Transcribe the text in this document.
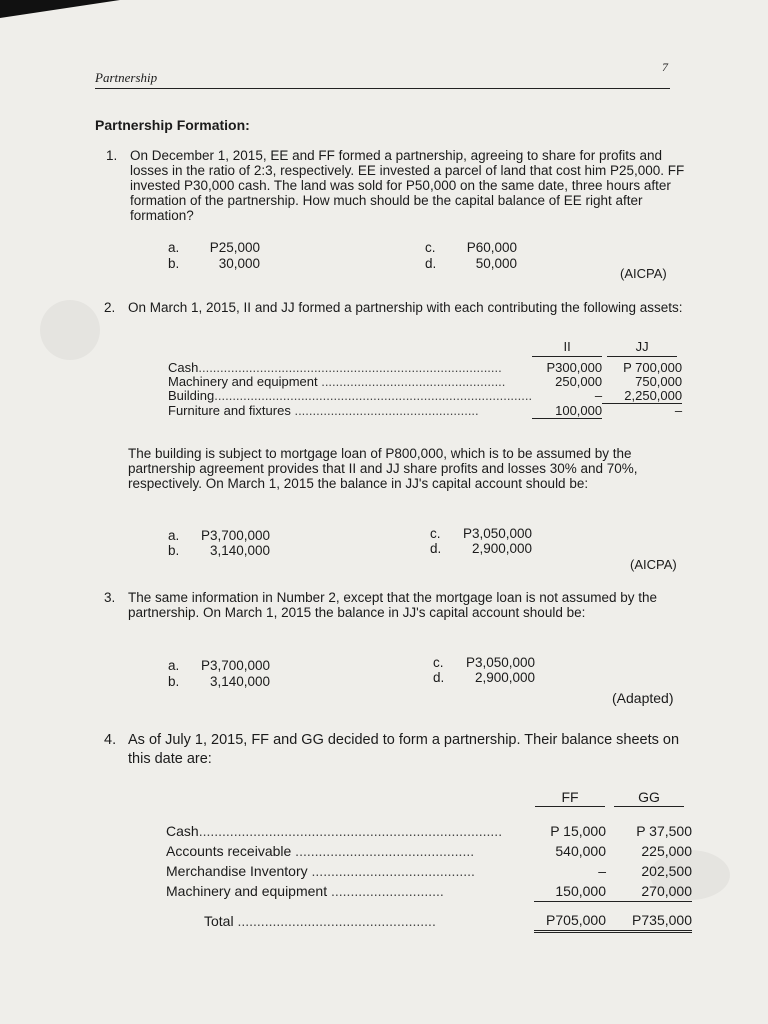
Partnership
7
Partnership Formation:
1. On December 1, 2015, EE and FF formed a partnership, agreeing to share for profits and losses in the ratio of 2:3, respectively. EE invested a parcel of land that cost him P25,000. FF invested P30,000 cash. The land was sold for P50,000 on the same date, three hours after formation of the partnership. How much should be the capital balance of EE right after formation?
a. P25,000
b.	30,000
c. P60,000
d.	50,000
(AICPA)
2. On March 1, 2015, II and JJ formed a partnership with each contributing the following assets:
	II	JJ
Cash....................................................................................	P300,000	P 700,000
Machinery and equipment ...................................................	250,000	750,000
Building........................................................................................	–	2,250,000
Furniture and fixtures ...................................................	100,000	–
The building is subject to mortgage loan of P800,000, which is to be assumed by the partnership agreement provides that II and JJ share profits and losses 30% and 70%, respectively. On March 1, 2015 the balance in JJ's capital account should be:
a. P3,700,000
b. 3,140,000
c. P3,050,000
d. 2,900,000
(AICPA)
3. The same information in Number 2, except that the mortgage loan is not assumed by the partnership. On March 1, 2015 the balance in JJ's capital account should be:
a. P3,700,000
b. 3,140,000
c. P3,050,000
d. 2,900,000
(Adapted)
4. As of July 1, 2015, FF and GG decided to form a partnership. Their balance sheets on this date are:
	FF	GG

Cash..............................................................................	P 15,000	P 37,500
Accounts receivable ..............................................	540,000	225,000
Merchandise Inventory ..........................................	–	202,500
Machinery and equipment .............................	150,000	270,000

Total ...................................................	P705,000	P735,000
